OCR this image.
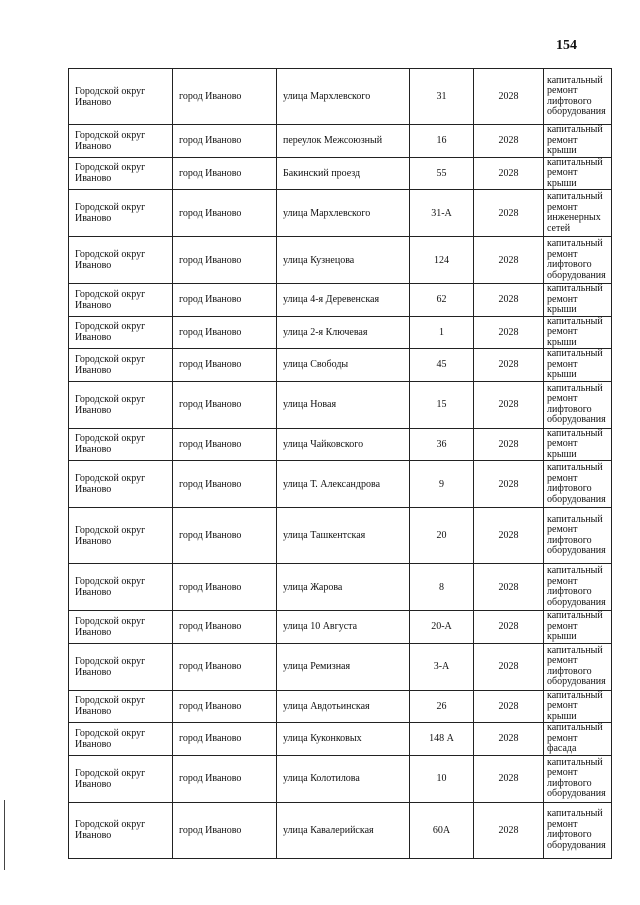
154
Городской округ Иваново	город Иваново	улица Мархлевского	31	2028	капитальный ремонт лифтового оборудования
Городской округ Иваново	город Иваново	переулок Межсоюзный	16	2028	капитальный ремонт крыши
Городской округ Иваново	город Иваново	Бакинский проезд	55	2028	капитальный ремонт крыши
Городской округ Иваново	город Иваново	улица Мархлевского	31-А	2028	капитальный ремонт инженерных сетей
Городской округ Иваново	город Иваново	улица Кузнецова	124	2028	капитальный ремонт лифтового оборудования
Городской округ Иваново	город Иваново	улица 4-я Деревенская	62	2028	капитальный ремонт крыши
Городской округ Иваново	город Иваново	улица 2-я Ключевая	1	2028	капитальный ремонт крыши
Городской округ Иваново	город Иваново	улица Свободы	45	2028	капитальный ремонт крыши
Городской округ Иваново	город Иваново	улица Новая	15	2028	капитальный ремонт лифтового оборудования
Городской округ Иваново	город Иваново	улица Чайковского	36	2028	капитальный ремонт крыши
Городской округ Иваново	город Иваново	улица Т. Александрова	9	2028	капитальный ремонт лифтового оборудования
Городской округ Иваново	город Иваново	улица Ташкентская	20	2028	капитальный ремонт лифтового оборудования
Городской округ Иваново	город Иваново	улица Жарова	8	2028	капитальный ремонт лифтового оборудования
Городской округ Иваново	город Иваново	улица 10 Августа	20-А	2028	капитальный ремонт крыши
Городской округ Иваново	город Иваново	улица Ремизная	3-А	2028	капитальный ремонт лифтового оборудования
Городской округ Иваново	город Иваново	улица Авдотьинская	26	2028	капитальный ремонт крыши
Городской округ Иваново	город Иваново	улица Куконковых	148 А	2028	капитальный ремонт фасада
Городской округ Иваново	город Иваново	улица Колотилова	10	2028	капитальный ремонт лифтового оборудования
Городской округ Иваново	город Иваново	улица Кавалерийская	60А	2028	капитальный ремонт лифтового оборудования
